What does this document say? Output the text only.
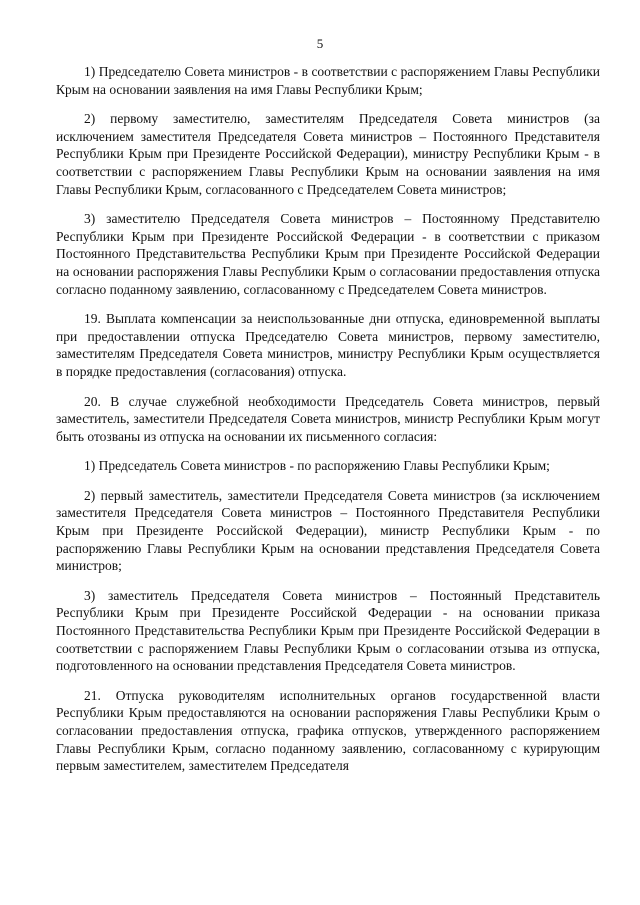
5

1) Председателю Совета министров - в соответствии с распоряжением Главы Республики Крым на основании заявления на имя Главы Республики Крым;

2) первому заместителю, заместителям Председателя Совета министров (за исключением заместителя Председателя Совета министров – Постоянного Представителя Республики Крым при Президенте Российской Федерации), министру Республики Крым - в соответствии с распоряжением Главы Республики Крым на основании заявления на имя Главы Республики Крым, согласованного с Председателем Совета министров;

3) заместителю Председателя Совета министров – Постоянному Представителю Республики Крым при Президенте Российской Федерации - в соответствии с приказом Постоянного Представительства Республики Крым при Президенте Российской Федерации на основании распоряжения Главы Республики Крым о согласовании предоставления отпуска согласно поданному заявлению, согласованному с Председателем Совета министров.

19. Выплата компенсации за неиспользованные дни отпуска, единовременной выплаты при предоставлении отпуска Председателю Совета министров, первому заместителю, заместителям Председателя Совета министров, министру Республики Крым осуществляется в порядке предоставления (согласования) отпуска.

20. В случае служебной необходимости Председатель Совета министров, первый заместитель, заместители Председателя Совета министров, министр Республики Крым могут быть отозваны из отпуска на основании их письменного согласия:

1) Председатель Совета министров - по распоряжению Главы Республики Крым;

2) первый заместитель, заместители Председателя Совета министров (за исключением заместителя Председателя Совета министров – Постоянного Представителя Республики Крым при Президенте Российской Федерации), министр Республики Крым - по распоряжению Главы Республики Крым на основании представления Председателя Совета министров;

3) заместитель Председателя Совета министров – Постоянный Представитель Республики Крым при Президенте Российской Федерации - на основании приказа Постоянного Представительства Республики Крым при Президенте Российской Федерации в соответствии с распоряжением Главы Республики Крым о согласовании отзыва из отпуска, подготовленного на основании представления Председателя Совета министров.

21. Отпуска руководителям исполнительных органов государственной власти Республики Крым предоставляются на основании распоряжения Главы Республики Крым о согласовании предоставления отпуска, графика отпусков, утвержденного распоряжением Главы Республики Крым, согласно поданному заявлению, согласованному с курирующим первым заместителем, заместителем Председателя
